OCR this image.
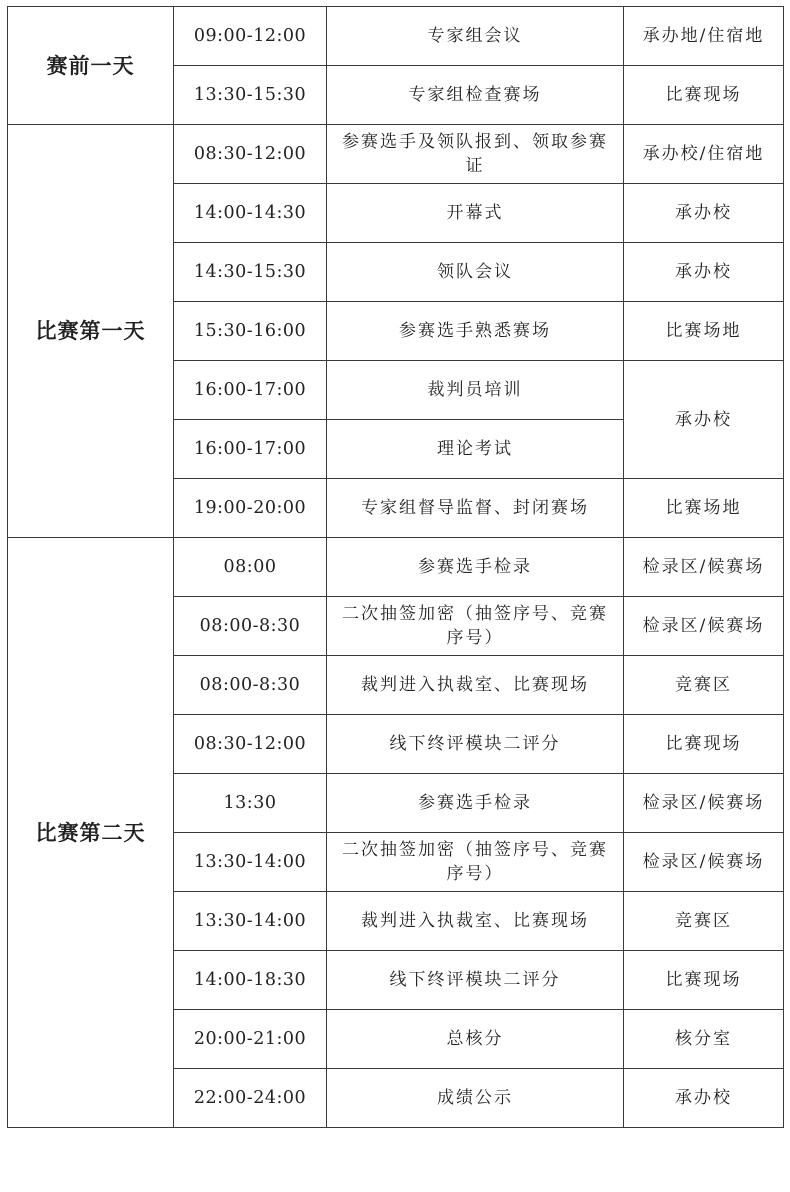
赛前一天	09:00-12:00	专家组会议	承办地/住宿地
	13:30-15:30	专家组检查赛场	比赛现场
比赛第一天	08:30-12:00	参赛选手及领队报到、领取参赛证	承办校/住宿地
	14:00-14:30	开幕式	承办校
	14:30-15:30	领队会议	承办校
	15:30-16:00	参赛选手熟悉赛场	比赛场地
	16:00-17:00	裁判员培训	承办校
	16:00-17:00	理论考试	
	19:00-20:00	专家组督导监督、封闭赛场	比赛场地
比赛第二天	08:00	参赛选手检录	检录区/候赛场
	08:00-8:30	二次抽签加密（抽签序号、竞赛序号）	检录区/候赛场
	08:00-8:30	裁判进入执裁室、比赛现场	竞赛区
	08:30-12:00	线下终评模块二评分	比赛现场
	13:30	参赛选手检录	检录区/候赛场
	13:30-14:00	二次抽签加密（抽签序号、竞赛序号）	检录区/候赛场
	13:30-14:00	裁判进入执裁室、比赛现场	竞赛区
	14:00-18:30	线下终评模块二评分	比赛现场
	20:00-21:00	总核分	核分室
	22:00-24:00	成绩公示	承办校
